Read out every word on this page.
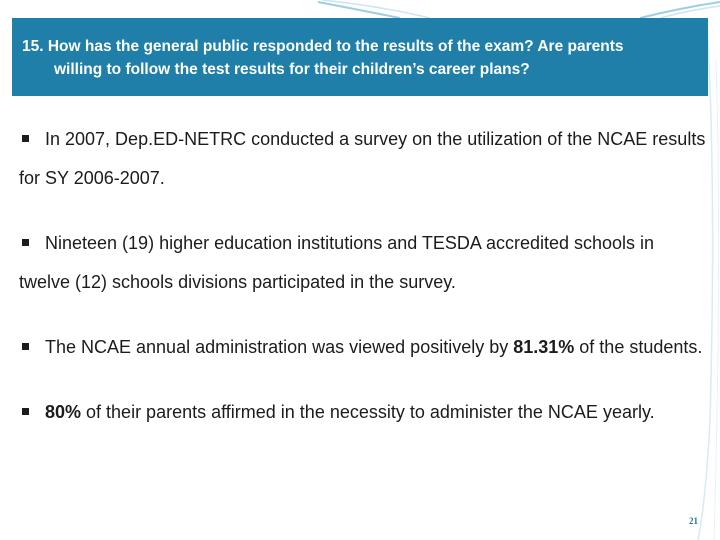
15. How has the general public responded to the results of the exam? Are parents
willing to follow the test results for their children’s career plans?
In 2007, Dep.ED-NETRC conducted a survey on the utilization of the NCAE results for SY 2006-2007.
Nineteen (19) higher education institutions and TESDA accredited schools in twelve (12) schools divisions participated in the survey.
The NCAE annual administration was viewed positively by 81.31% of the students.
80% of their parents affirmed in the necessity to administer the NCAE yearly.
21
